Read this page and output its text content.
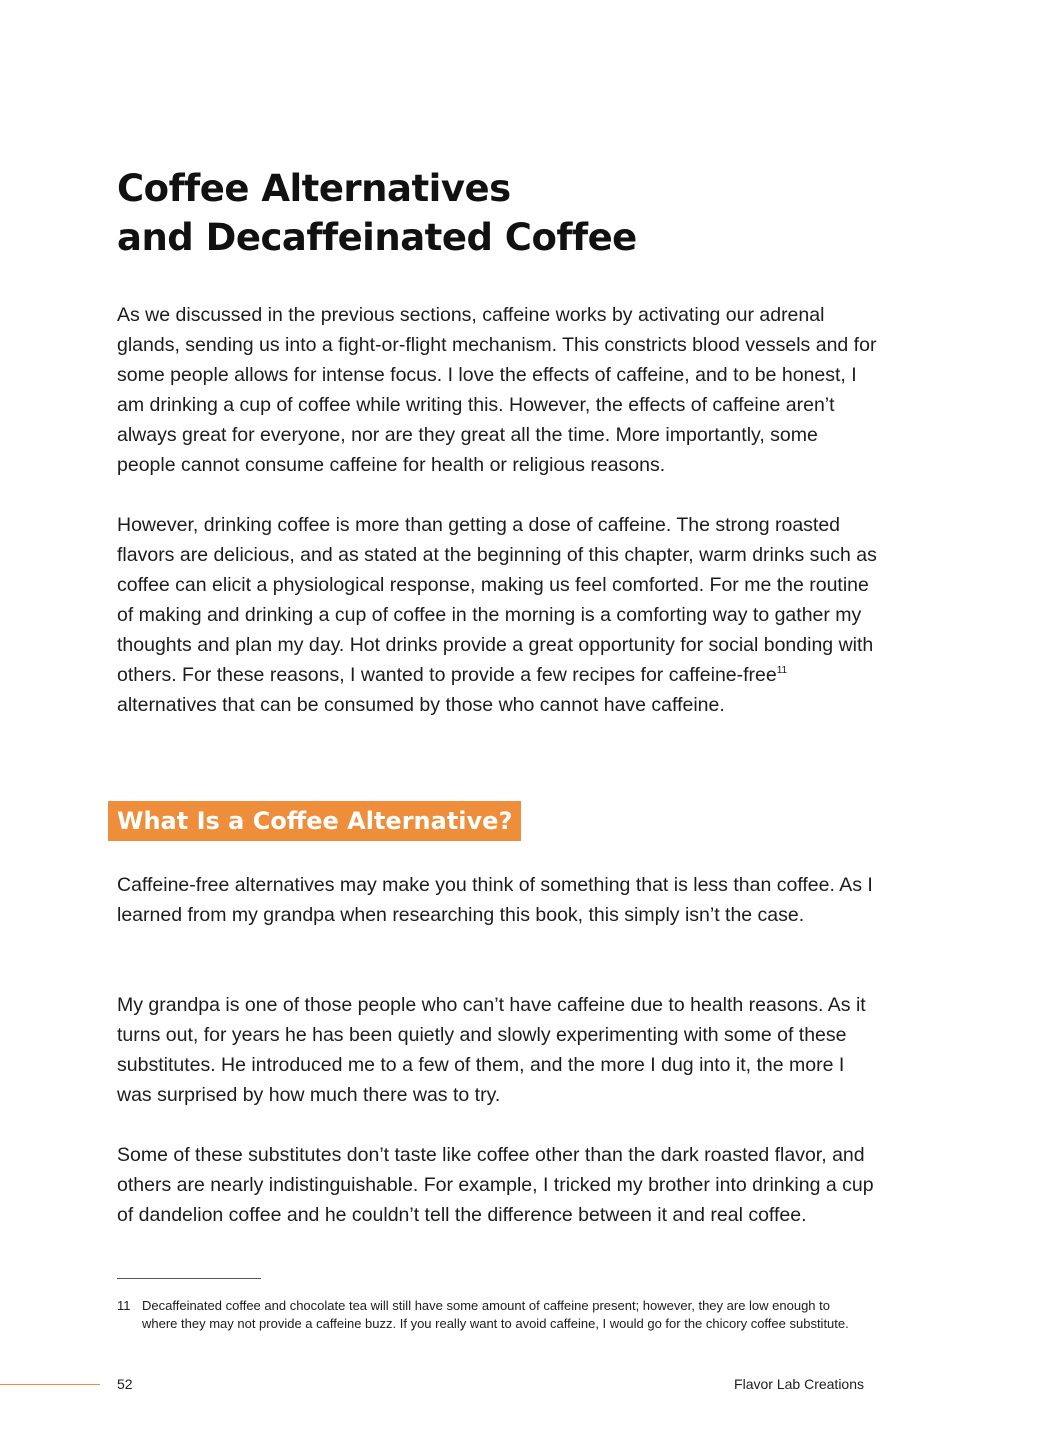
Coffee Alternatives
and Decaffeinated Coffee

As we discussed in the previous sections, caffeine works by activating our adrenal glands, sending us into a fight-or-flight mechanism. This constricts blood vessels and for some people allows for intense focus. I love the effects of caffeine, and to be honest, I am drinking a cup of coffee while writing this. However, the effects of caffeine aren’t always great for everyone, nor are they great all the time. More importantly, some people cannot consume caffeine for health or religious reasons.

However, drinking coffee is more than getting a dose of caffeine. The strong roasted flavors are delicious, and as stated at the beginning of this chapter, warm drinks such as coffee can elicit a physiological response, making us feel comforted. For me the routine of making and drinking a cup of coffee in the morning is a comforting way to gather my thoughts and plan my day. Hot drinks provide a great opportunity for social bonding with others. For these reasons, I wanted to provide a few recipes for caffeine-free$^{11}$ alternatives that can be consumed by those who cannot have caffeine.

What Is a Coffee Alternative?

Caffeine-free alternatives may make you think of something that is less than coffee. As I learned from my grandpa when researching this book, this simply isn’t the case.

My grandpa is one of those people who can’t have caffeine due to health reasons. As it turns out, for years he has been quietly and slowly experimenting with some of these substitutes. He introduced me to a few of them, and the more I dug into it, the more I was surprised by how much there was to try.

Some of these substitutes don’t taste like coffee other than the dark roasted flavor, and others are nearly indistinguishable. For example, I tricked my brother into drinking a cup of dandelion coffee and he couldn’t tell the difference between it and real coffee.

11 Decaffeinated coffee and chocolate tea will still have some amount of caffeine present; however, they are low enough to where they may not provide a caffeine buzz. If you really want to avoid caffeine, I would go for the chicory coffee substitute.
52	Flavor Lab Creations
